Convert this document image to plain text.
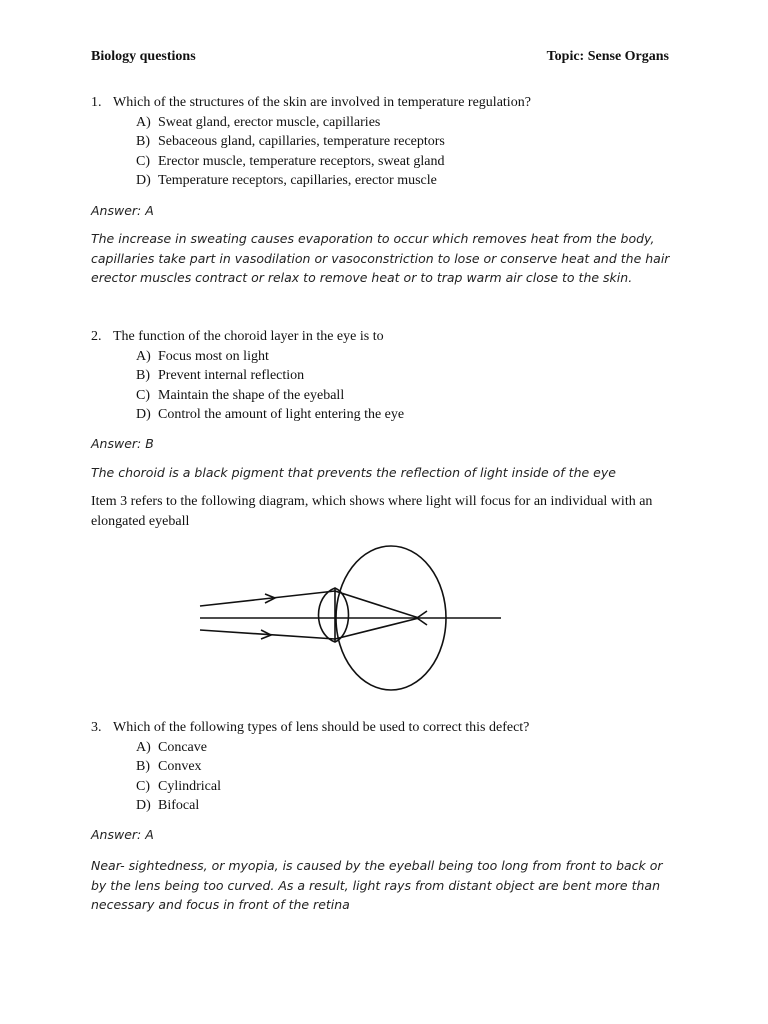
Biology questions	Topic: Sense Organs
1. Which of the structures of the skin are involved in temperature regulation?
A) Sweat gland, erector muscle, capillaries
B) Sebaceous gland, capillaries, temperature receptors
C) Erector muscle, temperature receptors, sweat gland
D) Temperature receptors, capillaries, erector muscle
Answer: A
The increase in sweating causes evaporation to occur which removes heat from the body, capillaries take part in vasodilation or vasoconstriction to lose or conserve heat and the hair erector muscles contract or relax to remove heat or to trap warm air close to the skin.
2. The function of the choroid layer in the eye is to
A) Focus most on light
B) Prevent internal reflection
C) Maintain the shape of the eyeball
D) Control the amount of light entering the eye
Answer: B
The choroid is a black pigment that prevents the reflection of light inside of the eye
Item 3 refers to the following diagram, which shows where light will focus for an individual with an elongated eyeball
3. Which of the following types of lens should be used to correct this defect?
A) Concave
B) Convex
C) Cylindrical
D) Bifocal
Answer: A
Near- sightedness, or myopia, is caused by the eyeball being too long from front to back or by the lens being too curved. As a result, light rays from distant object are bent more than necessary and focus in front of the retina
